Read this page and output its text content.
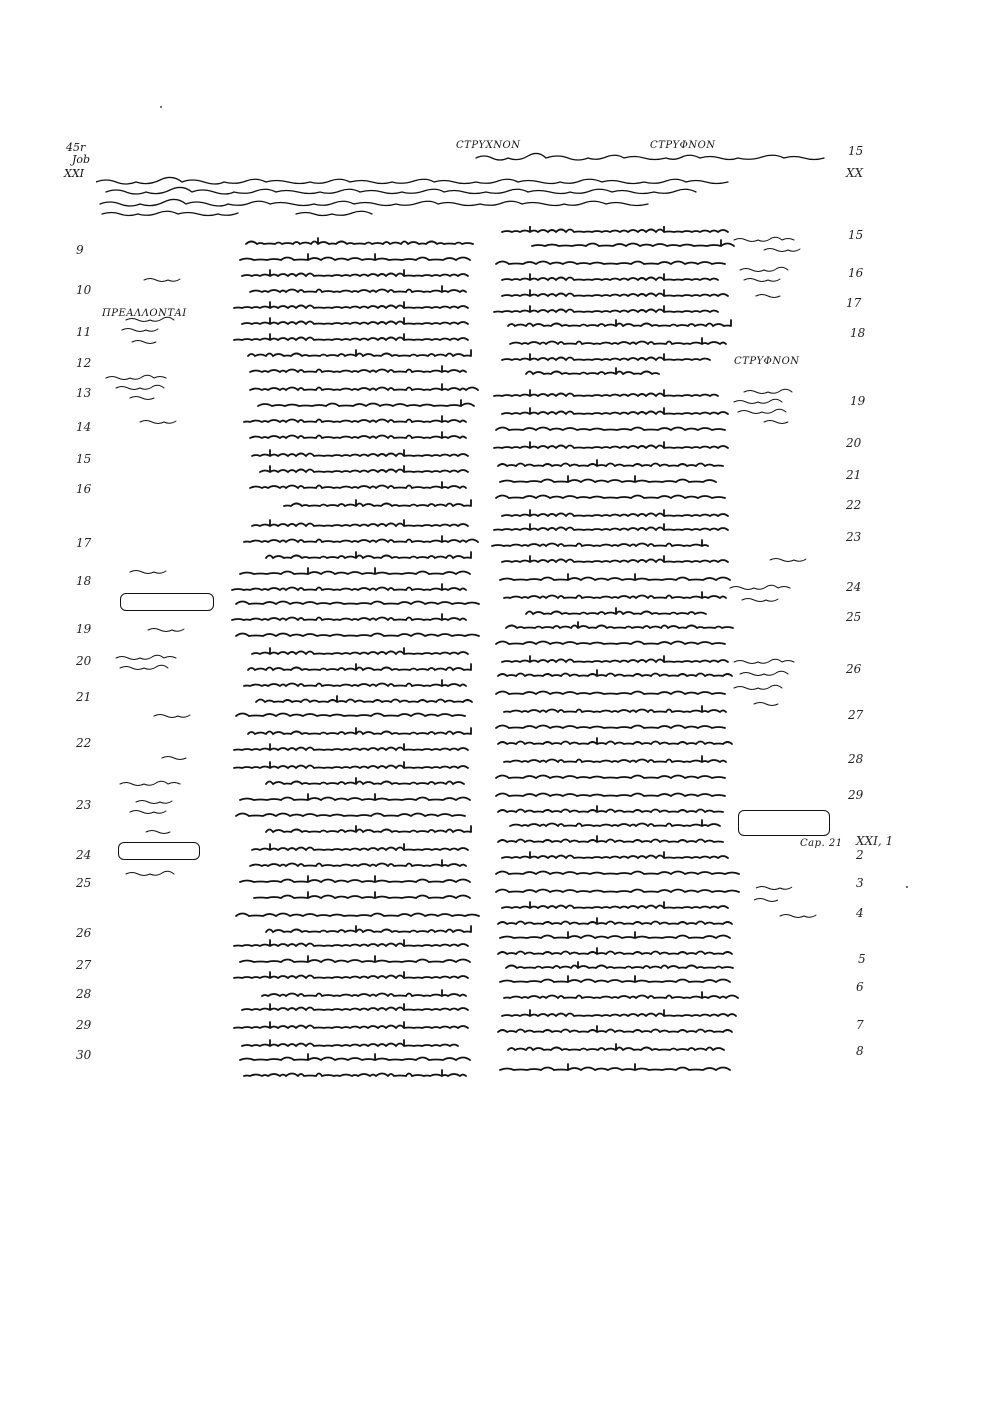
45r
Job
XXI
CTPYXNON	CTPYΦNON	15
XX
9
10
11
12
13
14
15
16
17
18
19
20
21
22
23
24
25
26
27
28
29
30
ΠPEΑΛΛΟΝΤΑΙ
CTPYΦNON
15
16
17
18
19
20
21
22
23
24
25
26
27
28
29
2
3
4
5
6
7
8
XXI, 1
Cap. 21
